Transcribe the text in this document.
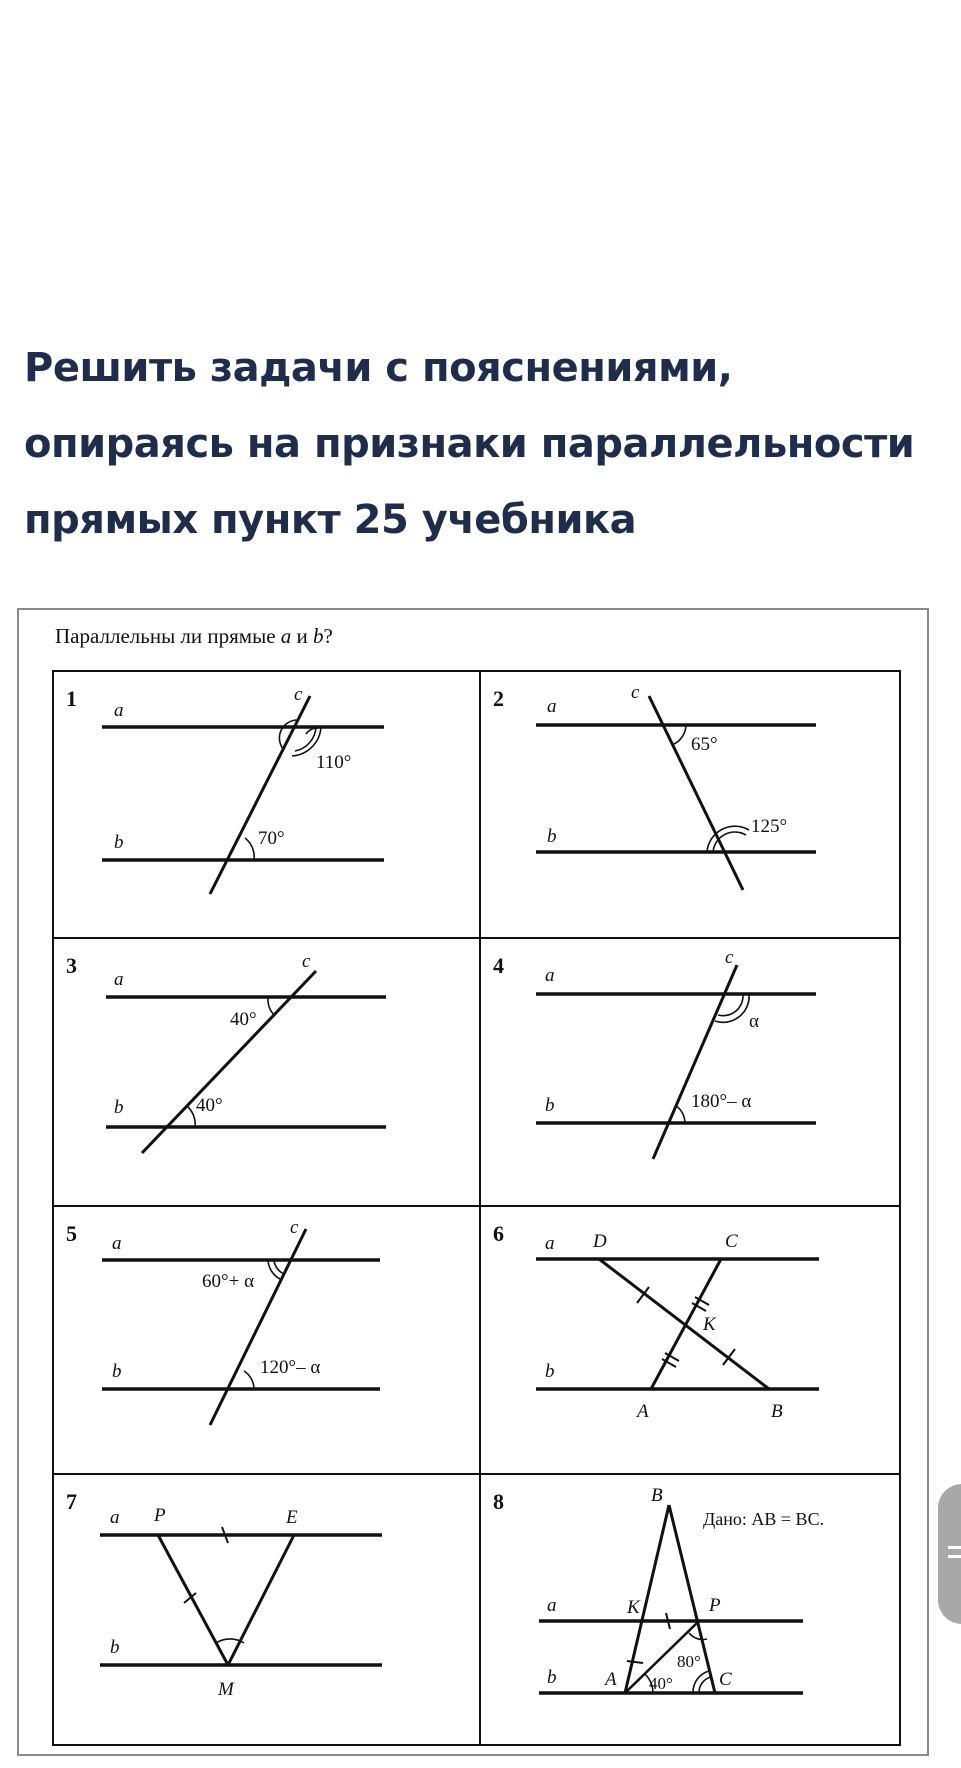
Решить задачи с пояснениями,
опираясь на признаки параллельности
прямых пункт 25 учебника
Параллельны ли прямые a и b?
1 a
b
c
110°
70°
2 a
b
c
65°
125°
3
a
b
c
40°
40°
4 a
b
c
α
180°– α
5 a
b
c
60°+ α
120°– α
6 a
b
D	C
K
A	B
7
a
b
P	E
M
8
a
b
B
K	P
A	C
Дано: AB = BC.
40°
80°
